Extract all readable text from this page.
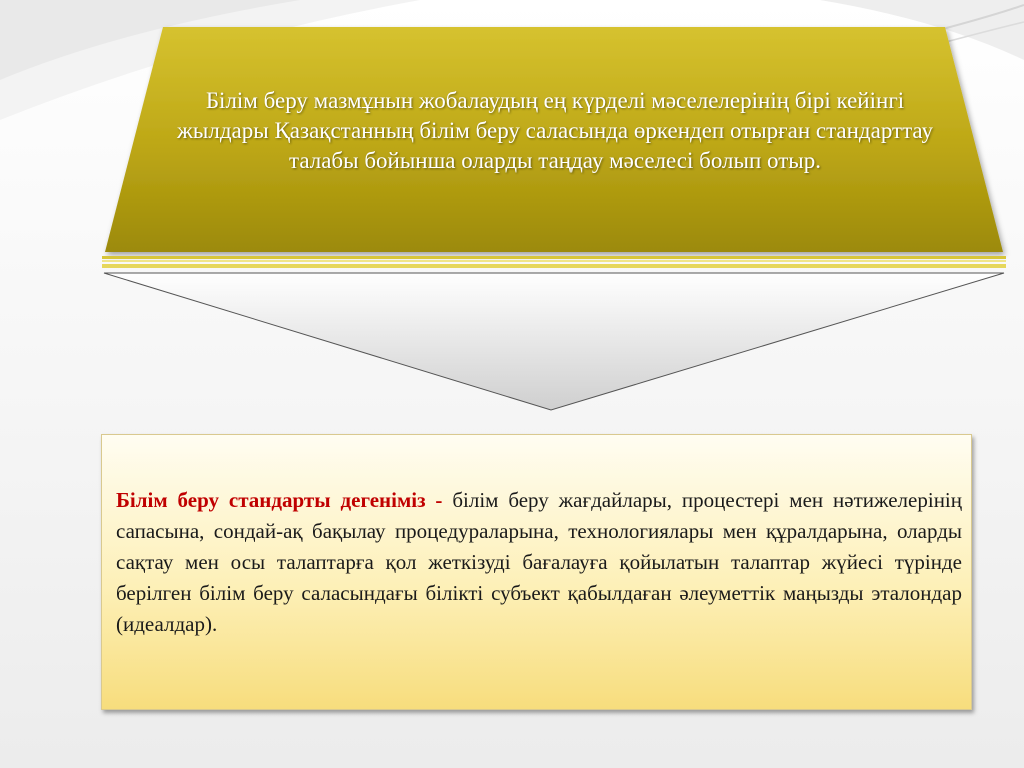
Білім беру мазмұнын жобалаудың ең күрделі мәселелерінің бірі кейінгі жылдары Қазақстанның білім беру саласында өркендеп отырған стандарттау талабы бойынша оларды таңдау мәселесі болып отыр.

Білім беру стандарты дегеніміз - білім беру жағдайлары, процестері мен нәтижелерінің сапасына, сондай-ақ бақылау процедураларына, технологиялары мен құралдарына, оларды сақтау мен осы талаптарға қол жеткізуді бағалауға қойылатын талаптар жүйесі түрінде берілген білім беру саласындағы білікті субъект қабылдаған әлеуметтік маңызды эталондар (идеалдар).
